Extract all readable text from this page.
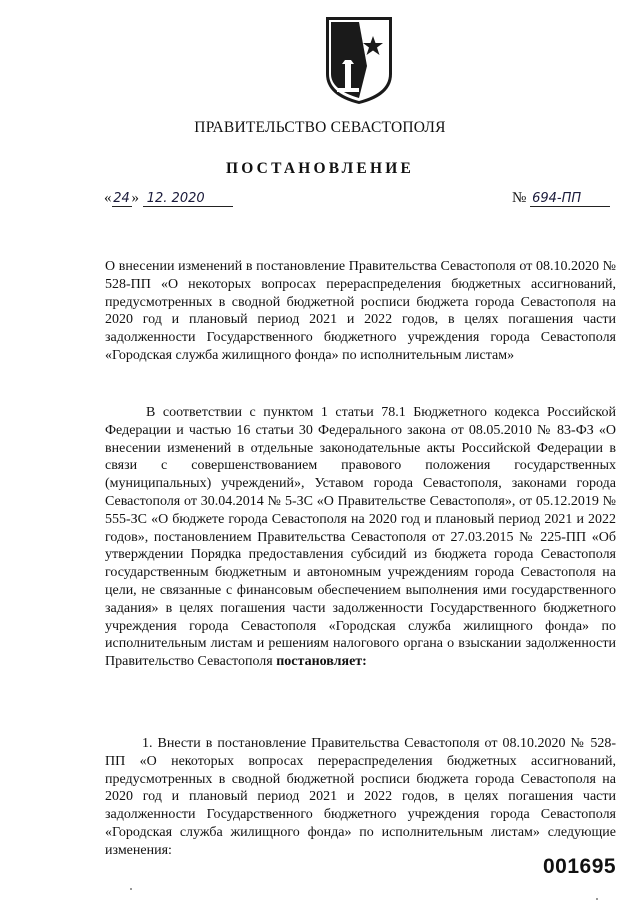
ПРАВИТЕЛЬСТВО СЕВАСТОПОЛЯ
ПОСТАНОВЛЕНИЕ
« 24 » 12. 2020	№ 694-ПП

О внесении изменений в постановление Правительства Севастополя от 08.10.2020 № 528-ПП «О некоторых вопросах перераспределения бюджетных ассигнований, предусмотренных в сводной бюджетной росписи бюджета города Севастополя на 2020 год и плановый период 2021 и 2022 годов, в целях погашения части задолженности Государственного бюджетного учреждения города Севастополя «Городская служба жилищного фонда» по исполнительным листам»

В соответствии с пунктом 1 статьи 78.1 Бюджетного кодекса Российской Федерации и частью 16 статьи 30 Федерального закона от 08.05.2010 № 83-ФЗ «О внесении изменений в отдельные законодательные акты Российской Федерации в связи с совершенствованием правового положения государственных (муниципальных) учреждений», Уставом города Севастополя, законами города Севастополя от 30.04.2014 № 5-ЗС «О Правительстве Севастополя», от 05.12.2019 № 555-ЗС «О бюджете города Севастополя на 2020 год и плановый период 2021 и 2022 годов», постановлением Правительства Севастополя от 27.03.2015 № 225-ПП «Об утверждении Порядка предоставления субсидий из бюджета города Севастополя государственным бюджетным и автономным учреждениям города Севастополя на цели, не связанные с финансовым обеспечением выполнения ими государственного задания» в целях погашения части задолженности Государственного бюджетного учреждения города Севастополя «Городская служба жилищного фонда» по исполнительным листам и решениям налогового органа о взыскании задолженности Правительство Севастополя постановляет:

1. Внести в постановление Правительства Севастополя от 08.10.2020 № 528-ПП «О некоторых вопросах перераспределения бюджетных ассигнований, предусмотренных в сводной бюджетной росписи бюджета города Севастополя на 2020 год и плановый период 2021 и 2022 годов, в целях погашения части задолженности Государственного бюджетного учреждения города Севастополя «Городская служба жилищного фонда» по исполнительным листам» следующие изменения:

001695
